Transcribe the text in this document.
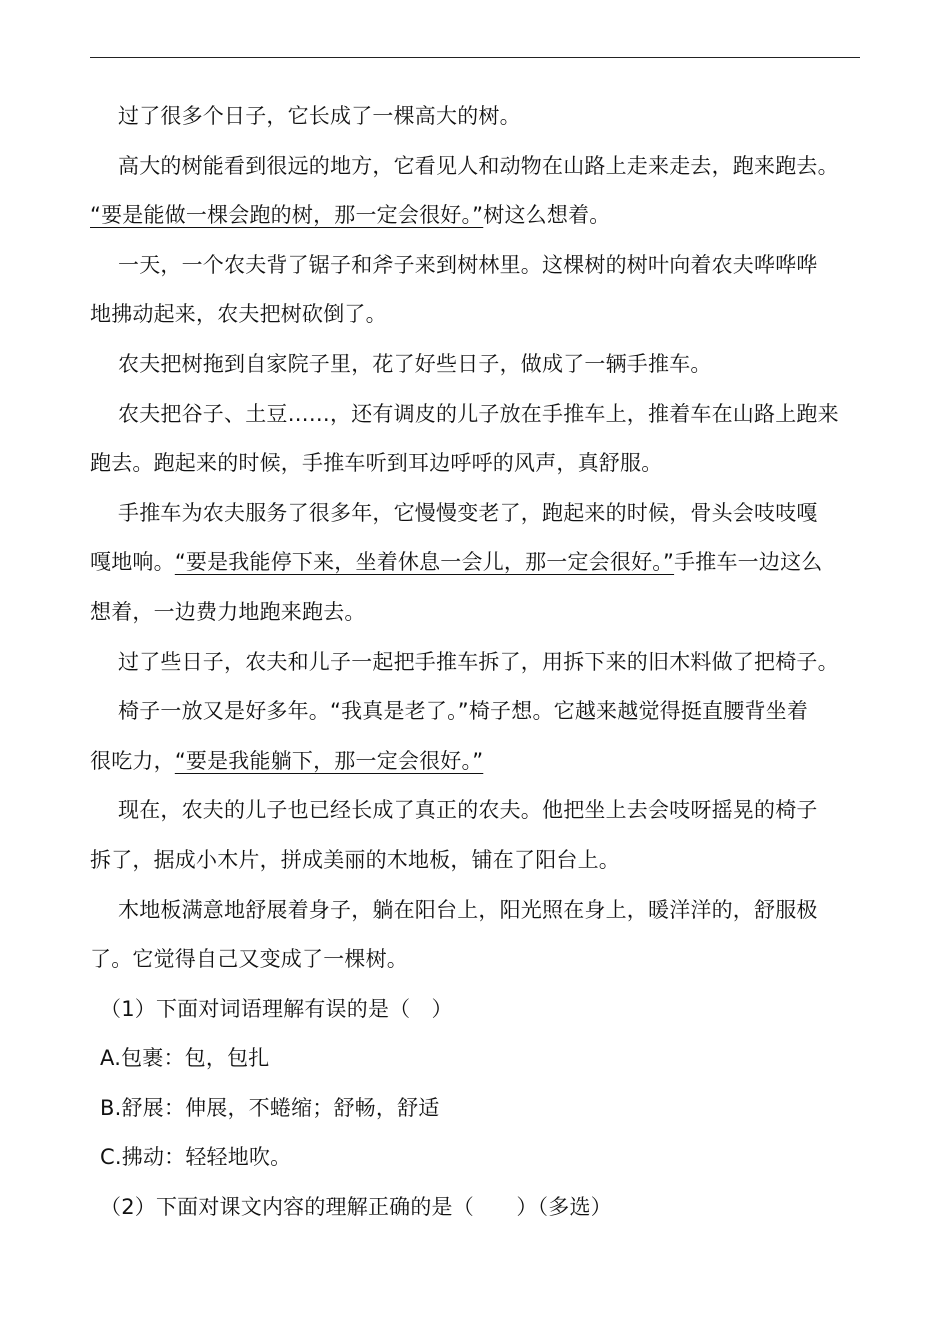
过了很多个日子，它长成了一棵高大的树。
高大的树能看到很远的地方，它看见人和动物在山路上走来走去，跑来跑去。
“要是能做一棵会跑的树，那一定会很好。”树这么想着。
一天，一个农夫背了锯子和斧子来到树林里。这棵树的树叶向着农夫哗哗哗
地拂动起来，农夫把树砍倒了。
农夫把树拖到自家院子里，花了好些日子，做成了一辆手推车。
农夫把谷子、土豆……，还有调皮的儿子放在手推车上，推着车在山路上跑来
跑去。跑起来的时候，手推车听到耳边呼呼的风声，真舒服。
手推车为农夫服务了很多年，它慢慢变老了，跑起来的时候，骨头会吱吱嘎
嘎地响。“要是我能停下来，坐着休息一会儿，那一定会很好。”手推车一边这么
想着，一边费力地跑来跑去。
过了些日子，农夫和儿子一起把手推车拆了，用拆下来的旧木料做了把椅子。
椅子一放又是好多年。“我真是老了。”椅子想。它越来越觉得挺直腰背坐着
很吃力，“要是我能躺下，那一定会很好。”
现在，农夫的儿子也已经长成了真正的农夫。他把坐上去会吱呀摇晃的椅子
拆了，据成小木片，拼成美丽的木地板，铺在了阳台上。
木地板满意地舒展着身子，躺在阳台上，阳光照在身上，暖洋洋的，舒服极
了。它觉得自己又变成了一棵树。
（1）下面对词语理解有误的是（　）
A.包裹：包，包扎
B.舒展：伸展，不蜷缩；舒畅，舒适
C.拂动：轻轻地吹。
（2）下面对课文内容的理解正确的是（　　）（多选）
